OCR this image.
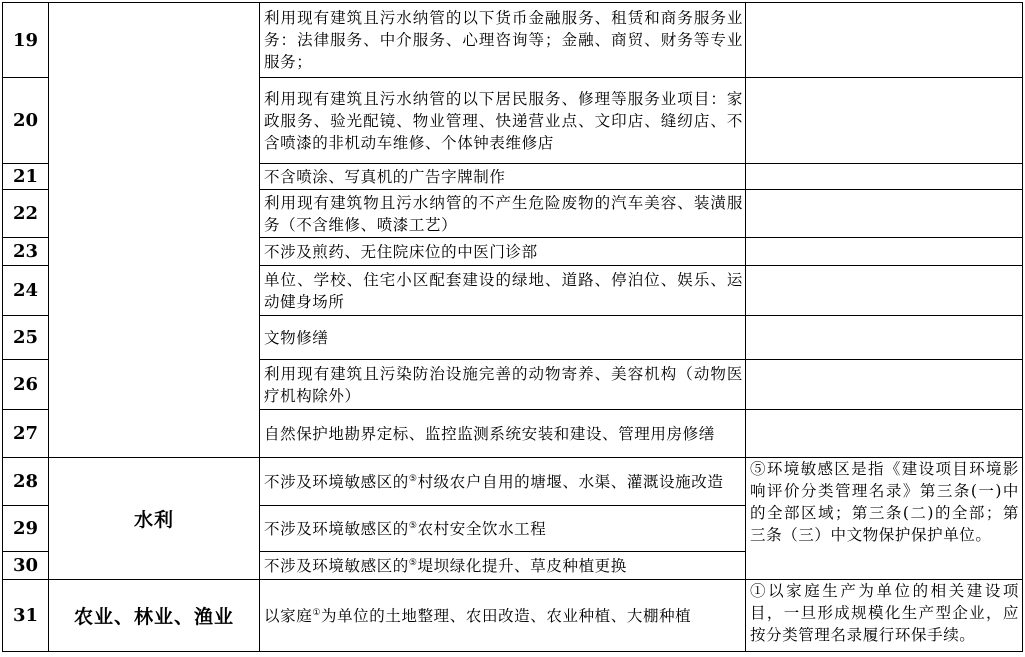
19		利用现有建筑且污水纳管的以下货币金融服务、租赁和商务服务业务：法律服务、中介服务、心理咨询等；金融、商贸、财务等专业服务；	
20		利用现有建筑且污水纳管的以下居民服务、修理等服务业项目：家政服务、验光配镜、物业管理、快递营业点、文印店、缝纫店、不含喷漆的非机动车维修、个体钟表维修店	
21		不含喷涂、写真机的广告字牌制作	
22		利用现有建筑物且污水纳管的不产生危险废物的汽车美容、装潢服务（不含维修、喷漆工艺）	
23		不涉及煎药、无住院床位的中医门诊部	
24		单位、学校、住宅小区配套建设的绿地、道路、停泊位、娱乐、运动健身场所	
25		文物修缮	
26		利用现有建筑且污染防治设施完善的动物寄养、美容机构（动物医疗机构除外）	
27		自然保护地勘界定标、监控监测系统安装和建设、管理用房修缮	
28	水利	不涉及环境敏感区的⑤村级农户自用的塘堰、水渠、灌溉设施改造	⑤环境敏感区是指《建设项目环境影响评价分类管理名录》第三条(一)中的全部区域；第三条(二)的全部；第三条（三）中文物保护保护单位。
29		不涉及环境敏感区的⑤农村安全饮水工程	
30		不涉及环境敏感区的⑤堤坝绿化提升、草皮种植更换	
31	农业、林业、渔业	以家庭①为单位的土地整理、农田改造、农业种植、大棚种植	①以家庭生产为单位的相关建设项目，一旦形成规模化生产型企业，应按分类管理名录履行环保手续。
